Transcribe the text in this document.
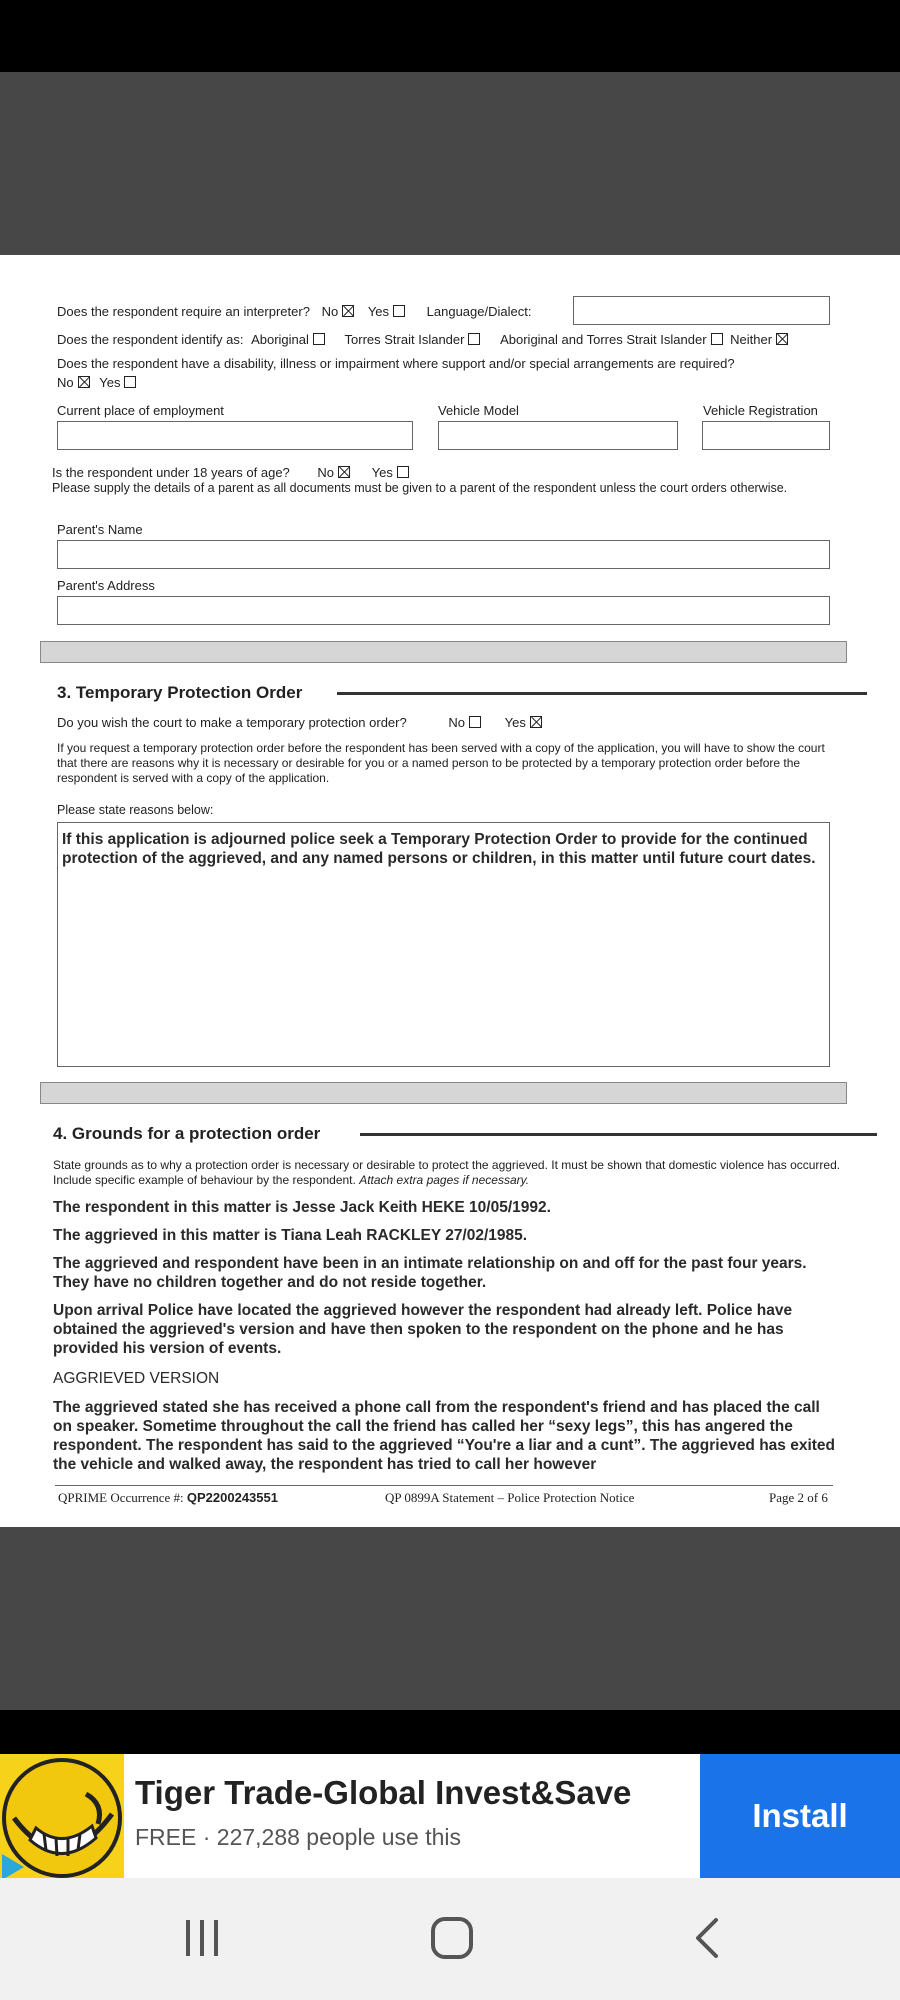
Does the respondent require an interpreter? No Yes	Language/Dialect:
Does the respondent identify as: Aboriginal	Torres Strait Islander	Aboriginal and Torres Strait Islander Neither
Does the respondent have a disability, illness or impairment where support and/or special arrangements are required?
No Yes
Current place of employment	Vehicle Model	Vehicle Registration
Is the respondent under 18 years of age? No	Yes
Please supply the details of a parent as all documents must be given to a parent of the respondent unless the court orders otherwise.
Parent's Name
Parent's Address
3. Temporary Protection Order
Do you wish the court to make a temporary protection order?	No	Yes
If you request a temporary protection order before the respondent has been served with a copy of the application, you will have to show the court that there are reasons why it is necessary or desirable for you or a named person to be protected by a temporary protection order before the respondent is served with a copy of the application.
Please state reasons below:
If this application is adjourned police seek a Temporary Protection Order to provide for the continued protection of the aggrieved, and any named persons or children, in this matter until future court dates.
4. Grounds for a protection order
State grounds as to why a protection order is necessary or desirable to protect the aggrieved. It must be shown that domestic violence has occurred. Include specific example of behaviour by the respondent. Attach extra pages if necessary.
The respondent in this matter is Jesse Jack Keith HEKE 10/05/1992.
The aggrieved in this matter is Tiana Leah RACKLEY 27/02/1985.
The aggrieved and respondent have been in an intimate relationship on and off for the past four years. They have no children together and do not reside together.
Upon arrival Police have located the aggrieved however the respondent had already left. Police have obtained the aggrieved's version and have then spoken to the respondent on the phone and he has provided his version of events.
AGGRIEVED VERSION
The aggrieved stated she has received a phone call from the respondent's friend and has placed the call on speaker. Sometime throughout the call the friend has called her “sexy legs”, this has angered the respondent. The respondent has said to the aggrieved “You're a liar and a cunt”. The aggrieved has exited the vehicle and walked away, the respondent has tried to call her however
QPRIME Occurrence #: QP2200243551	QP 0899A Statement – Police Protection Notice	Page 2 of 6
Tiger Trade-Global Invest&Save
FREE · 227,288 people use this
Install
